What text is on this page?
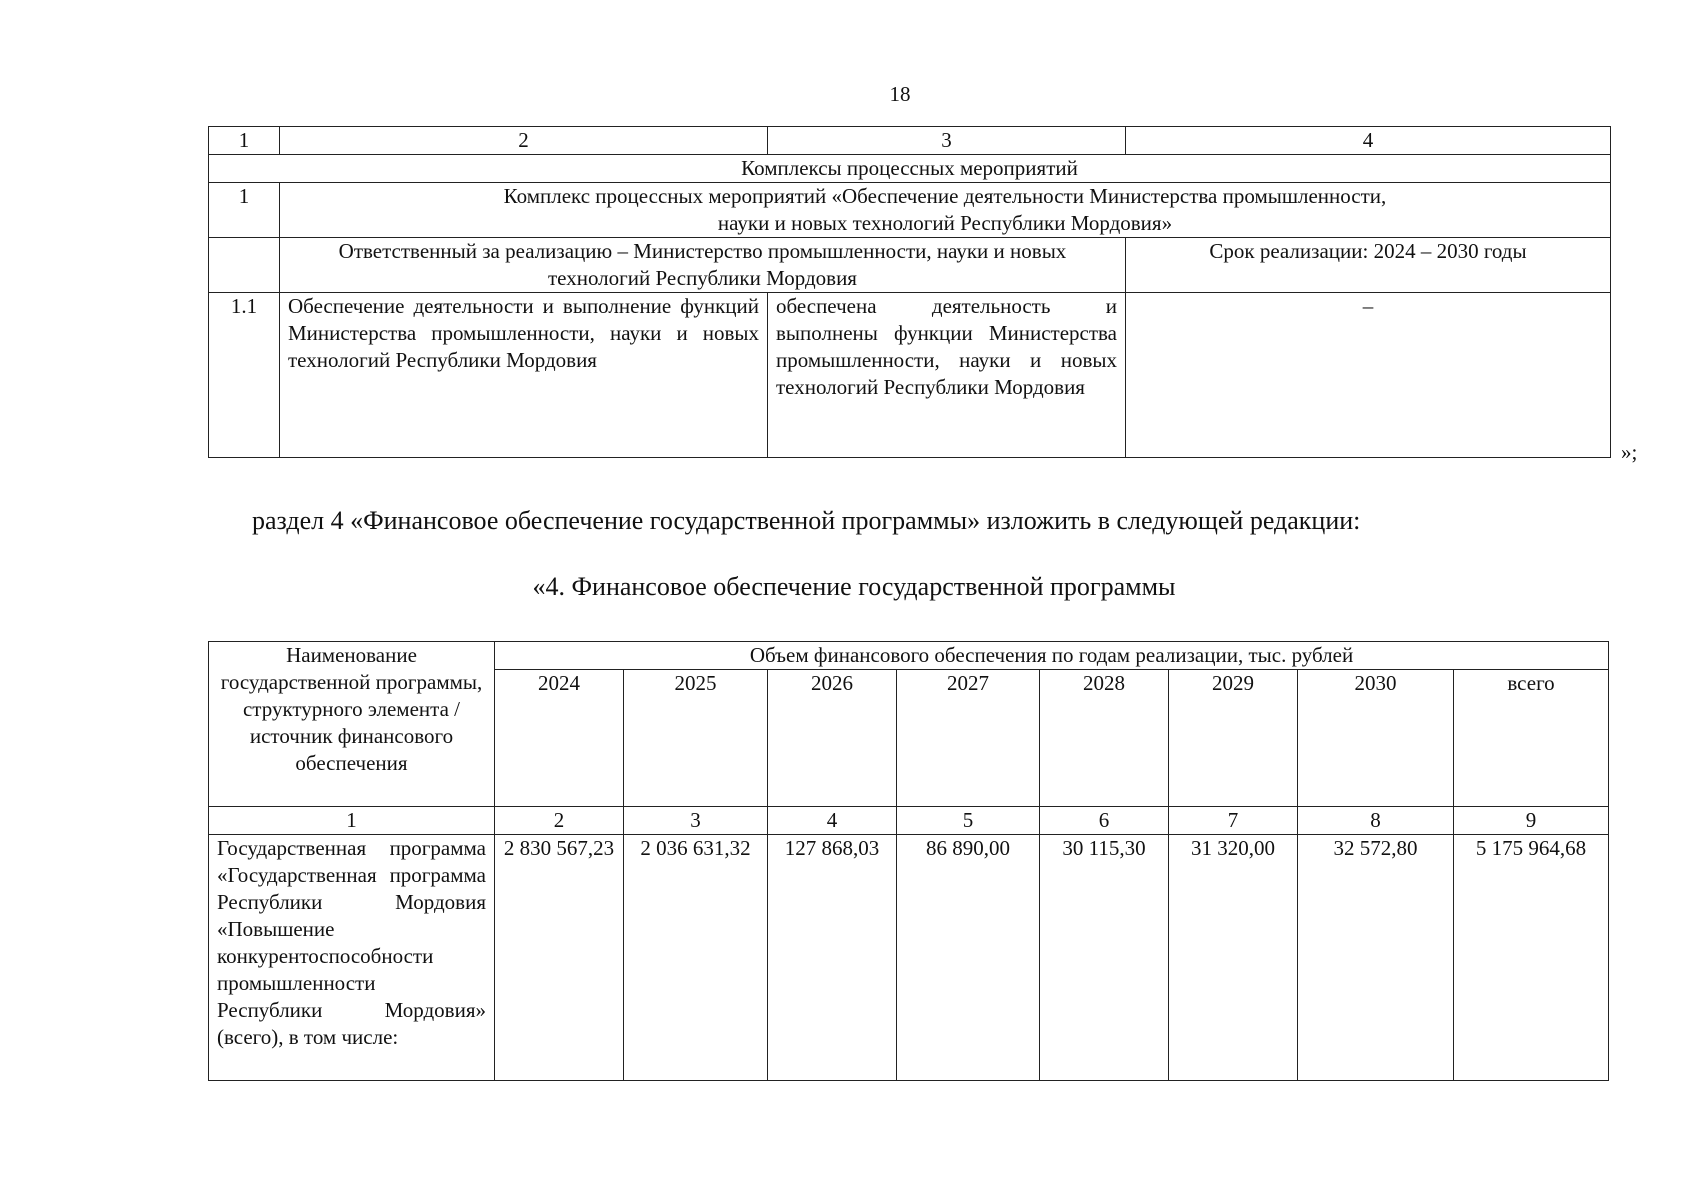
18
1	2	3	4
Комплексы процессных мероприятий			
1	Комплекс процессных мероприятий «Обеспечение деятельности Министерства промышленности,
науки и новых технологий Республики Мордовия»		
	Ответственный за реализацию – Министерство промышленности, науки и новых технологий Республики Мордовия		Срок реализации: 2024 – 2030 годы
1.1	Обеспечение деятельности и выполнение функций Министерства промышленности, науки и новых технологий Республики Мордовия	обеспечена деятельность и выполнены функции Министерства промышленности, науки и новых технологий Республики Мордовия	–
»;
раздел 4 «Финансовое обеспечение государственной программы» изложить в следующей редакции:
«4. Финансовое обеспечение государственной программы
Наименование государственной программы, структурного элемента / источник финансового обеспечения	Объем финансового обеспечения по годам реализации, тыс. рублей							
	2024	2025	2026	2027	2028	2029	2030	всего
1	2	3	4	5	6	7	8	9
Государственная программа «Государственная программа Республики Мордовия «Повышение конкурентоспособности промышленности Республики Мордовия» (всего), в том числе:	2 830 567,23	2 036 631,32	127 868,03	86 890,00	30 115,30	31 320,00	32 572,80	5 175 964,68
